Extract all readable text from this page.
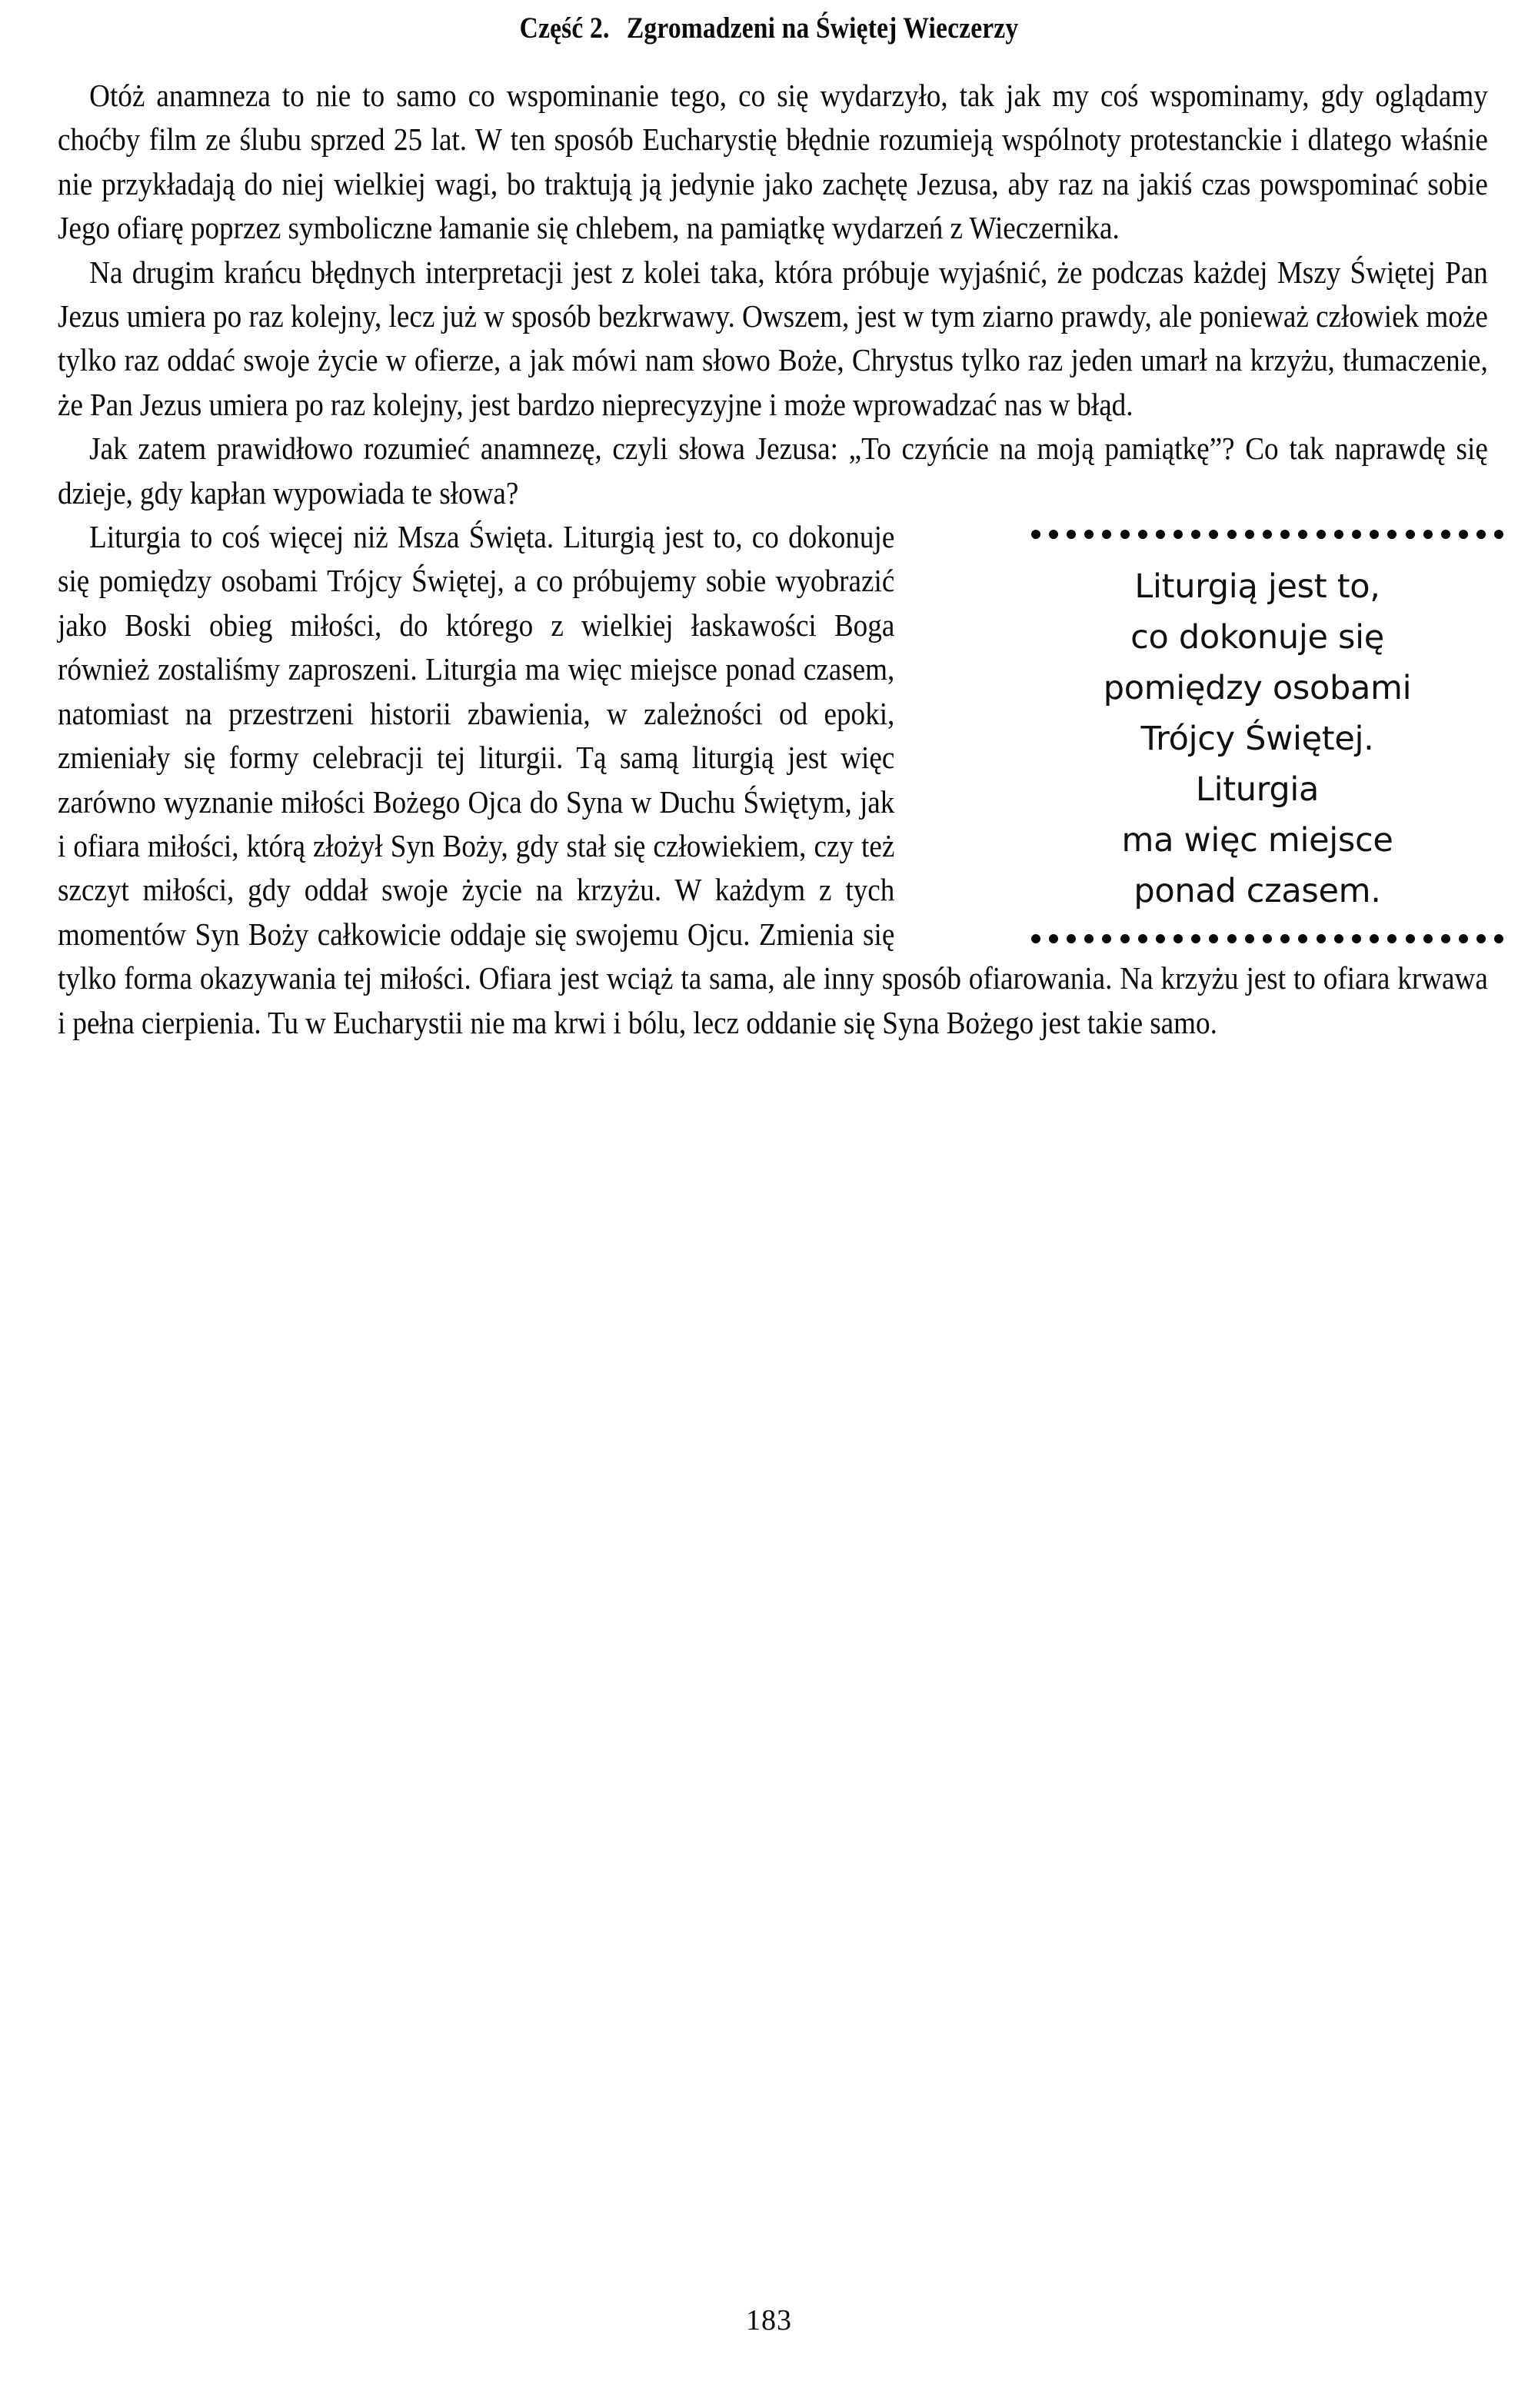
Część 2. Zgromadzeni na Świętej Wieczerzy

Otóż anamneza to nie to samo co wspominanie tego, co się wydarzyło, tak jak my coś wspominamy, gdy oglądamy choćby film ze ślubu sprzed 25 lat. W ten sposób Eucharystię błędnie rozumieją wspólnoty protestanckie i dlatego właśnie nie przykładają do niej wielkiej wagi, bo traktują ją jedynie jako zachętę Jezusa, aby raz na jakiś czas powspominać sobie Jego ofiarę poprzez symboliczne łamanie się chlebem, na pamiątkę wydarzeń z Wieczernika.

Na drugim krańcu błędnych interpretacji jest z kolei taka, która próbuje wyjaśnić, że podczas każdej Mszy Świętej Pan Jezus umiera po raz kolejny, lecz już w sposób bezkrwawy. Owszem, jest w tym ziarno prawdy, ale ponieważ człowiek może tylko raz oddać swoje życie w ofierze, a jak mówi nam słowo Boże, Chrystus tylko raz jeden umarł na krzyżu, tłumaczenie, że Pan Jezus umiera po raz kolejny, jest bardzo nieprecyzyjne i może wprowadzać nas w błąd.

Jak zatem prawidłowo rozumieć anamnezę, czyli słowa Jezusa: „To czyńcie na moją pamiątkę”? Co tak naprawdę się dzieje, gdy kapłan wypowiada te słowa?

Liturgią jest to,
co dokonuje się
pomiędzy osobami
Trójcy Świętej.
Liturgia
ma więc miejsce
ponad czasem.

Liturgia to coś więcej niż Msza Święta. Liturgią jest to, co dokonuje się pomiędzy osobami Trójcy Świętej, a co próbujemy sobie wyobrazić jako Boski obieg miłości, do którego z wielkiej łaskawości Boga również zostaliśmy zaproszeni. Liturgia ma więc miejsce ponad czasem, natomiast na przestrzeni historii zbawienia, w zależności od epoki, zmieniały się formy celebracji tej liturgii. Tą samą liturgią jest więc zarówno wyznanie miłości Bożego Ojca do Syna w Duchu Świętym, jak i ofiara miłości, którą złożył Syn Boży, gdy stał się człowiekiem, czy też szczyt miłości, gdy oddał swoje życie na krzyżu. W każdym z tych momentów Syn Boży całkowicie oddaje się swojemu Ojcu. Zmienia się tylko forma okazywania tej miłości. Ofiara jest wciąż ta sama, ale inny sposób ofiarowania. Na krzyżu jest to ofiara krwawa i pełna cierpienia. Tu w Eucharystii nie ma krwi i bólu, lecz oddanie się Syna Bożego jest takie samo.

183
